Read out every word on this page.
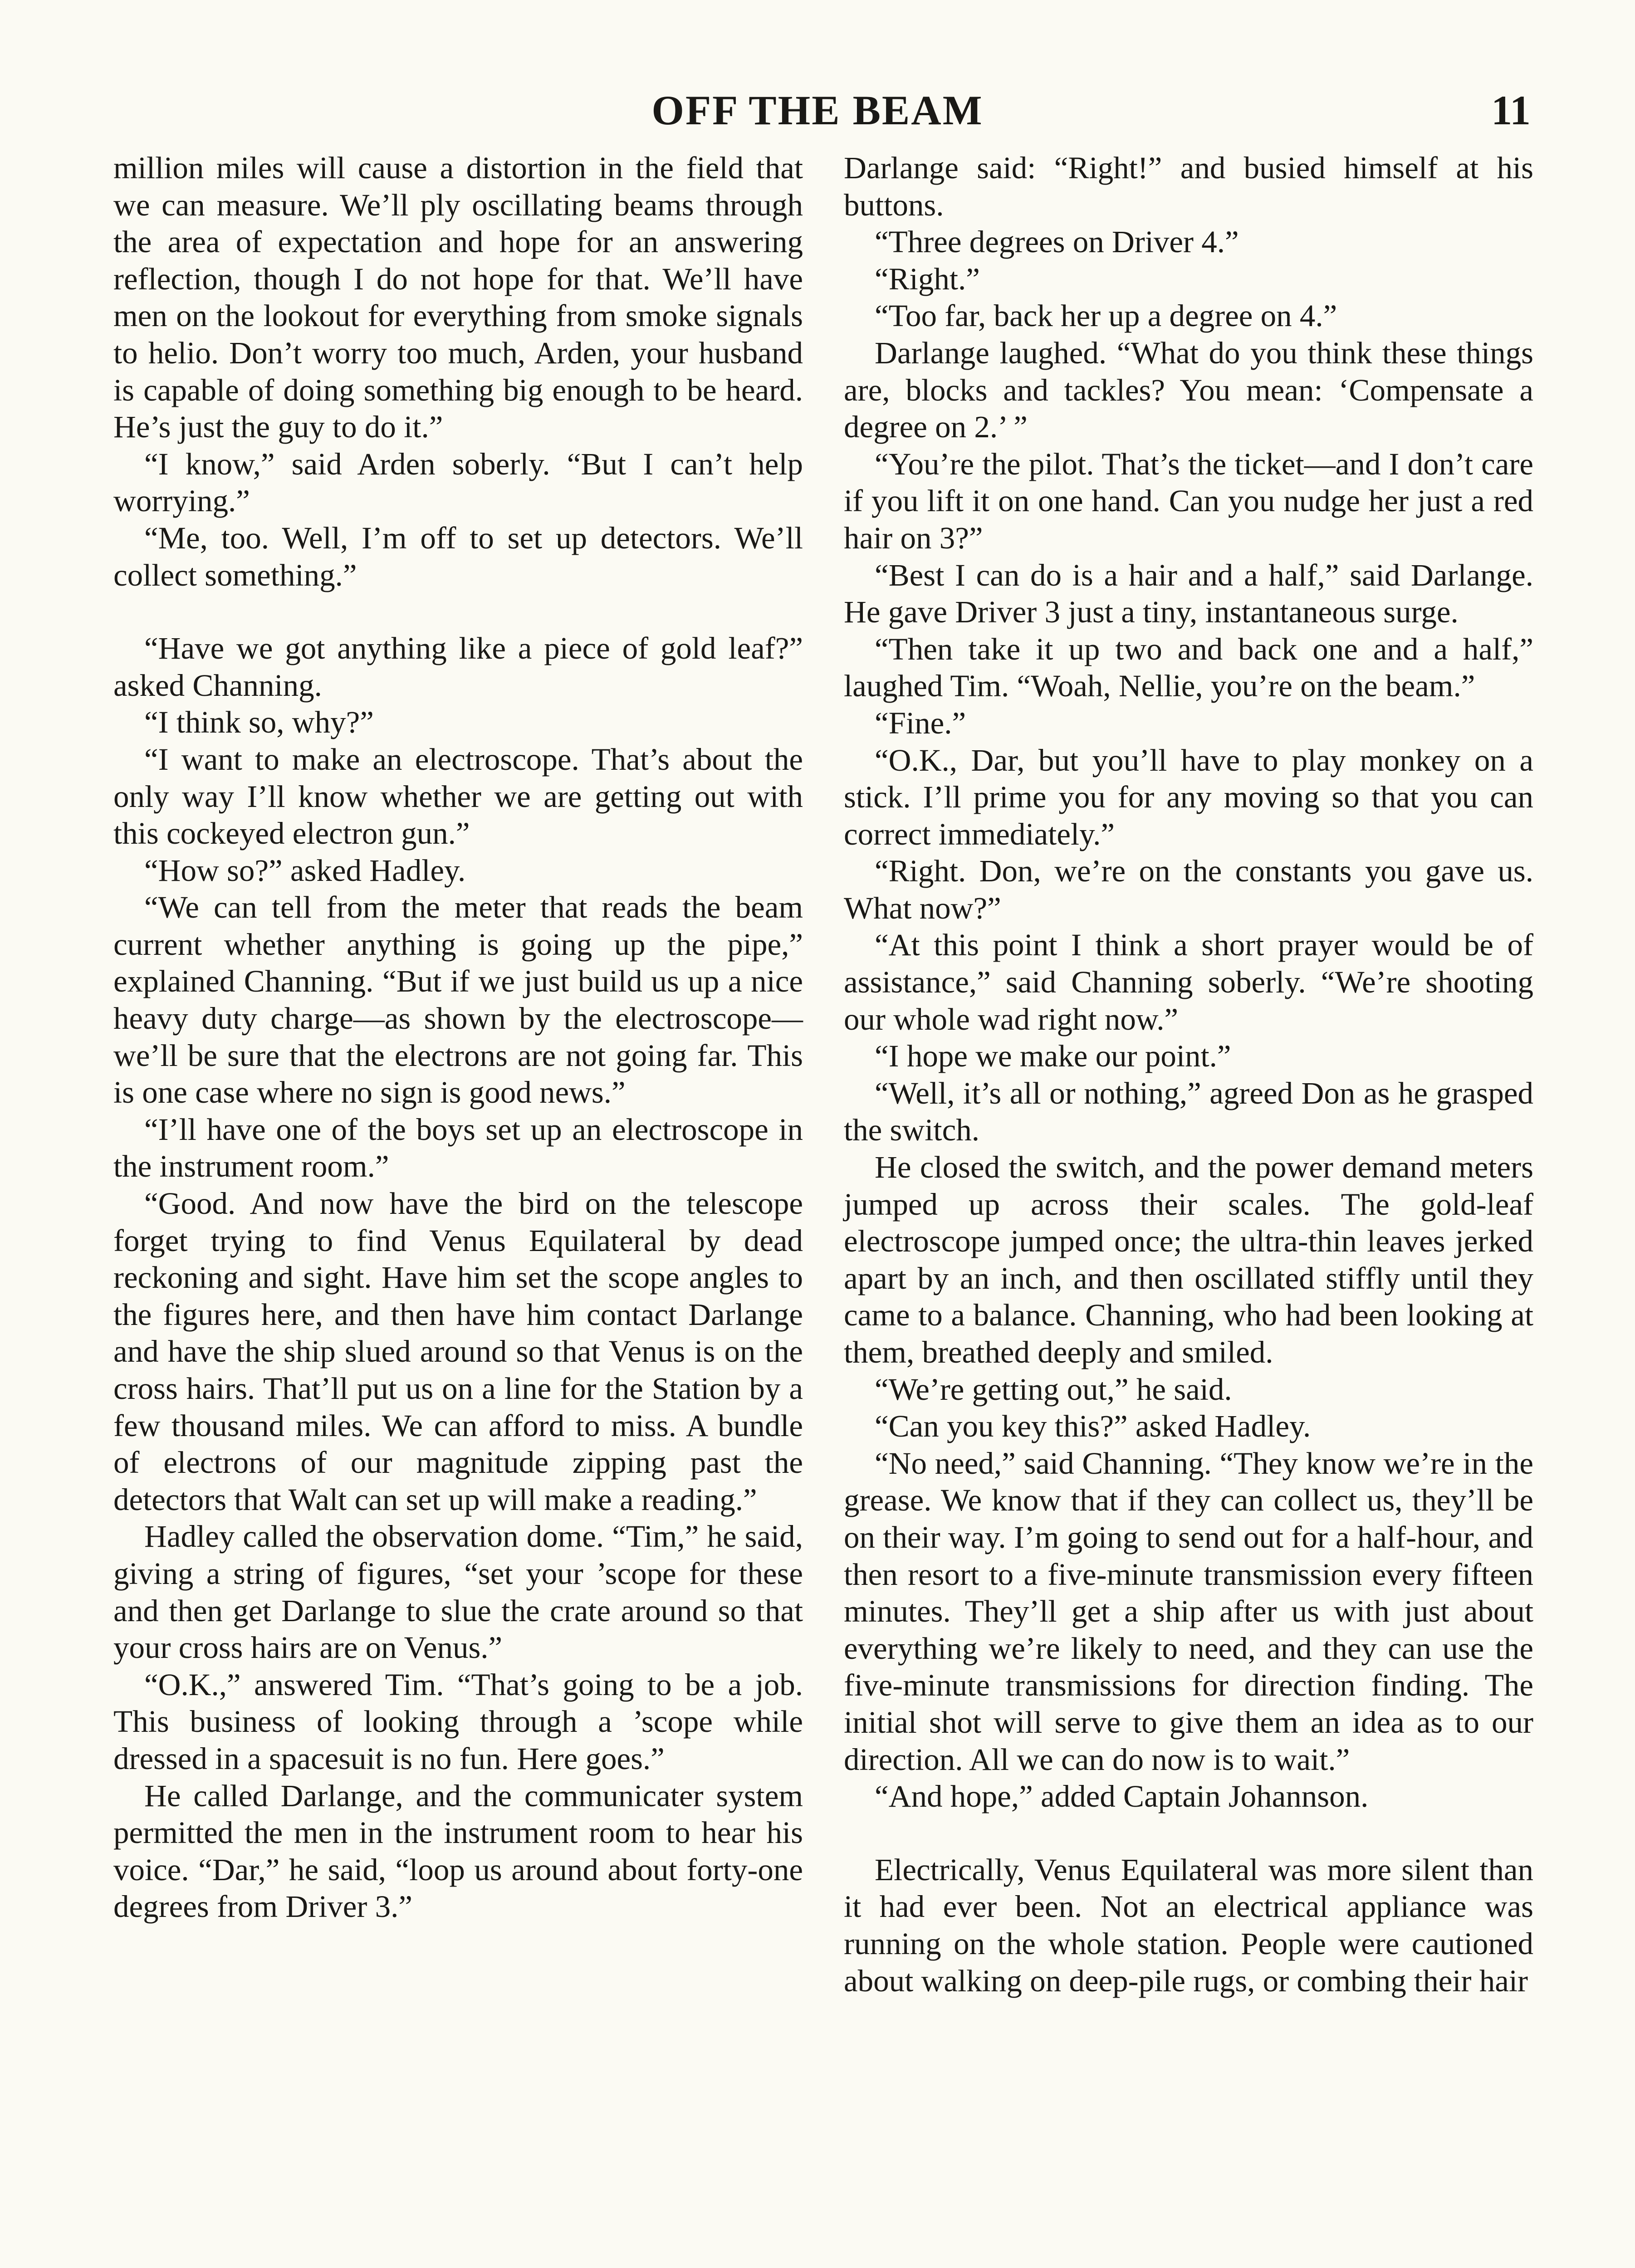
OFF THE BEAM	11

million miles will cause a distortion in the field that we can measure. We’ll ply oscillating beams through the area of expectation and hope for an answering reflection, though I do not hope for that. We’ll have men on the lookout for everything from smoke signals to helio. Don’t worry too much, Arden, your husband is capable of doing something big enough to be heard. He’s just the guy to do it.”

“I know,” said Arden soberly. “But I can’t help worrying.”

“Me, too. Well, I’m off to set up detectors. We’ll collect something.”

“Have we got anything like a piece of gold leaf?” asked Channing.

“I think so, why?”

“I want to make an electroscope. That’s about the only way I’ll know whether we are getting out with this cockeyed electron gun.”

“How so?” asked Hadley.

“We can tell from the meter that reads the beam current whether anything is going up the pipe,” explained Channing. “But if we just build us up a nice heavy duty charge—as shown by the electroscope—we’ll be sure that the electrons are not going far. This is one case where no sign is good news.”

“I’ll have one of the boys set up an electroscope in the instrument room.”

“Good. And now have the bird on the telescope forget trying to find Venus Equilateral by dead reckoning and sight. Have him set the scope angles to the figures here, and then have him contact Darlange and have the ship slued around so that Venus is on the cross hairs. That’ll put us on a line for the Station by a few thousand miles. We can afford to miss. A bundle of electrons of our magnitude zipping past the detectors that Walt can set up will make a reading.”

Hadley called the observation dome. “Tim,” he said, giving a string of figures, “set your ’scope for these and then get Darlange to slue the crate around so that your cross hairs are on Venus.”

“O.K.,” answered Tim. “That’s going to be a job. This business of looking through a ’scope while dressed in a spacesuit is no fun. Here goes.”

He called Darlange, and the communicater system permitted the men in the instrument room to hear his voice. “Dar,” he said, “loop us around about forty-one degrees from Driver 3.”

Darlange said: “Right!” and busied himself at his buttons.

“Three degrees on Driver 4.”

“Right.”

“Too far, back her up a degree on 4.”

Darlange laughed. “What do you think these things are, blocks and tackles? You mean: ‘Compensate a degree on 2.’ ”

“You’re the pilot. That’s the ticket—and I don’t care if you lift it on one hand. Can you nudge her just a red hair on 3?”

“Best I can do is a hair and a half,” said Darlange. He gave Driver 3 just a tiny, instantaneous surge.

“Then take it up two and back one and a half,” laughed Tim. “Woah, Nellie, you’re on the beam.”

“Fine.”

“O.K., Dar, but you’ll have to play monkey on a stick. I’ll prime you for any moving so that you can correct immediately.”

“Right. Don, we’re on the constants you gave us. What now?”

“At this point I think a short prayer would be of assistance,” said Channing soberly. “We’re shooting our whole wad right now.”

“I hope we make our point.”

“Well, it’s all or nothing,” agreed Don as he grasped the switch.

He closed the switch, and the power demand meters jumped up across their scales. The gold-leaf electroscope jumped once; the ultra-thin leaves jerked apart by an inch, and then oscillated stiffly until they came to a balance. Channing, who had been looking at them, breathed deeply and smiled.

“We’re getting out,” he said.

“Can you key this?” asked Hadley.

“No need,” said Channing. “They know we’re in the grease. We know that if they can collect us, they’ll be on their way. I’m going to send out for a half-hour, and then resort to a five-minute transmission every fifteen minutes. They’ll get a ship after us with just about everything we’re likely to need, and they can use the five-minute transmissions for direction finding. The initial shot will serve to give them an idea as to our direction. All we can do now is to wait.”

“And hope,” added Captain Johannson.

Electrically, Venus Equilateral was more silent than it had ever been. Not an electrical appliance was running on the whole station. People were cautioned about walking on deep-pile rugs, or combing their hair
